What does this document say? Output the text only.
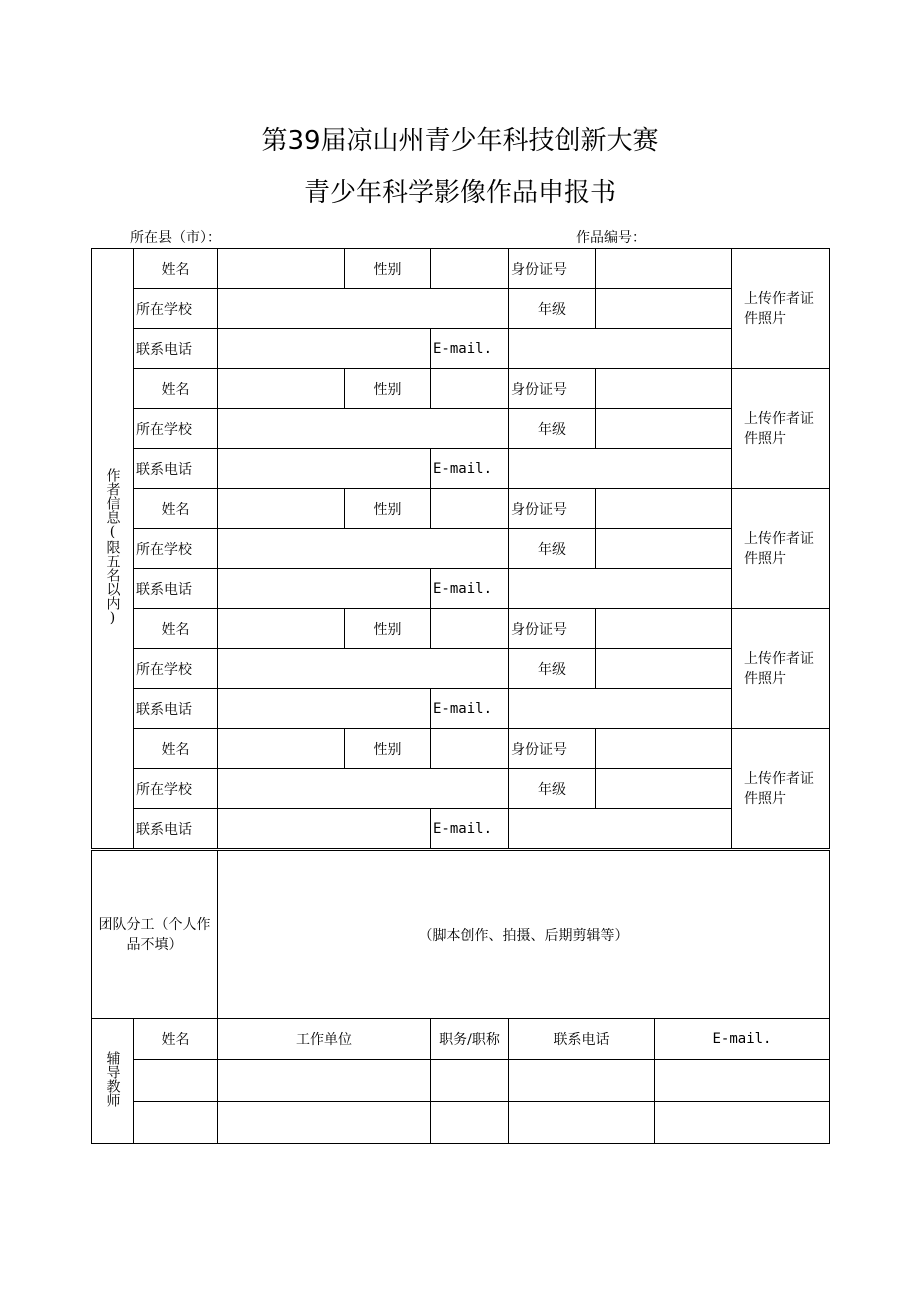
第39届凉山州青少年科技创新大赛
青少年科学影像作品申报书
所在县（市）：	作品编号：
作者信息(限五名以内)	姓名		性别		身份证号		上传作者证件照片
	所在学校				年级		
	联系电话			E-mail.			
	姓名		性别		身份证号		上传作者证件照片
	所在学校				年级		
	联系电话			E-mail.			
	姓名		性别		身份证号		上传作者证件照片
	所在学校				年级		
	联系电话			E-mail.			
	姓名		性别		身份证号		上传作者证件照片
	所在学校				年级		
	联系电话			E-mail.			
	姓名		性别		身份证号		上传作者证件照片
	所在学校				年级		
	联系电话			E-mail.			
团队分工（个人作品不填）	（脚本创作、拍摄、后期剪辑等）
辅导教师	姓名	工作单位	职务/职称	联系电话	E-mail.
